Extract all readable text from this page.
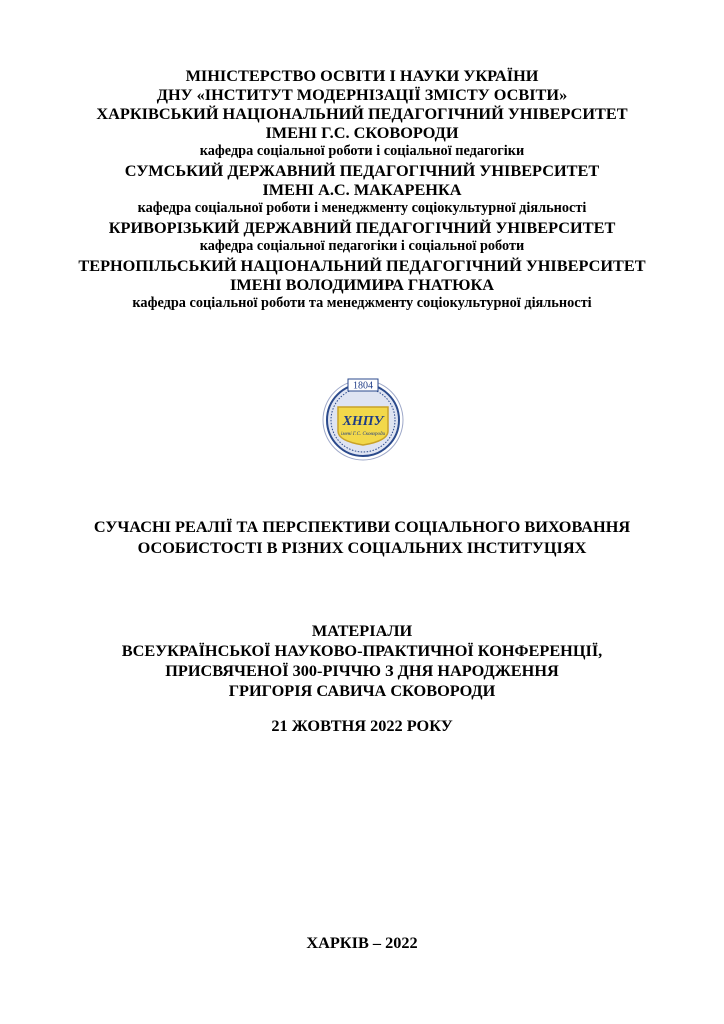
МІНІСТЕРСТВО ОСВІТИ І НАУКИ УКРАЇНИ
ДНУ «ІНСТИТУТ МОДЕРНІЗАЦІЇ ЗМІСТУ ОСВІТИ»
ХАРКІВСЬКИЙ НАЦІОНАЛЬНИЙ ПЕДАГОГІЧНИЙ УНІВЕРСИТЕТ
ІМЕНІ Г.С. СКОВОРОДИ
кафедра соціальної роботи і соціальної педагогіки
СУМСЬКИЙ ДЕРЖАВНИЙ ПЕДАГОГІЧНИЙ УНІВЕРСИТЕТ
ІМЕНІ А.С. МАКАРЕНКА
кафедра соціальної роботи і менеджменту соціокультурної діяльності
КРИВОРІЗЬКИЙ ДЕРЖАВНИЙ ПЕДАГОГІЧНИЙ УНІВЕРСИТЕТ
кафедра соціальної педагогіки і соціальної роботи
ТЕРНОПІЛЬСЬКИЙ НАЦІОНАЛЬНИЙ ПЕДАГОГІЧНИЙ УНІВЕРСИТЕТ
ІМЕНІ ВОЛОДИМИРА ГНАТЮКА
кафедра соціальної роботи та менеджменту соціокультурної діяльності
1804
ХНПУ
імені Г.С. Сковороди
СУЧАСНІ РЕАЛІЇ ТА ПЕРСПЕКТИВИ СОЦІАЛЬНОГО ВИХОВАННЯ
ОСОБИСТОСТІ В РІЗНИХ СОЦІАЛЬНИХ ІНСТИТУЦІЯХ
МАТЕРІАЛИ
ВСЕУКРАЇНСЬКОЇ НАУКОВО-ПРАКТИЧНОЇ КОНФЕРЕНЦІЇ,
ПРИСВЯЧЕНОЇ 300-РІЧЧЮ З ДНЯ НАРОДЖЕННЯ
ГРИГОРІЯ САВИЧА СКОВОРОДИ
21 ЖОВТНЯ 2022 РОКУ
ХАРКІВ – 2022
